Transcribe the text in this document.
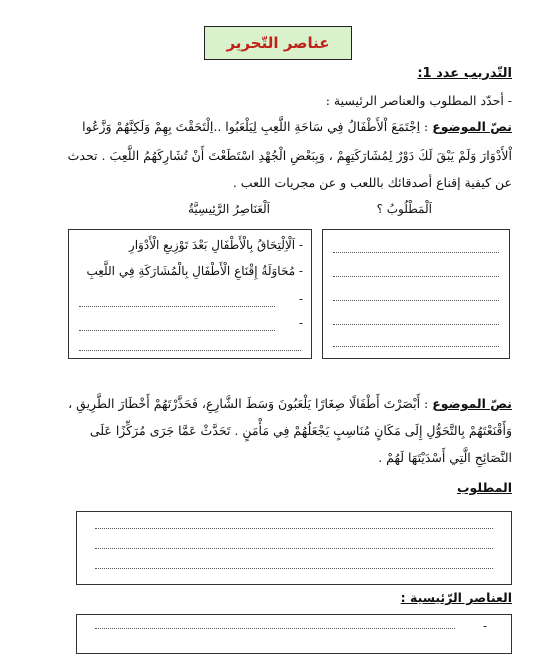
عناصر التّحرير
التّدريب عدد 1:
- أحدّد المطلوب والعناصر الرئيسية :
نصّ الموضوع : اِجْتَمَعَ اْلأَطْفَالُ فِي سَاحَةِ اللَّعِبِ لِيَلْعَبُوا ..اِلْتَحَقْتَ بِهِمْ وَلَكِنَّهُمْ وَزَّعُوا
اْلأَدْوَارَ وَلَمْ يَبْقَ لَكَ دَوْرٌ لِمُشَارَكَتِهِمْ ، وَبِبَعْضِ الْجُهْدِ اسْتَطَعْتَ أَنْ تُشَارِكَهُمُ اللَّعِبَ . تحدث
عن كيفية إقناع أصدقائك باللعب و عن مجريات اللعب .
اَلْعَنَاصِرُ الرَّئِيسِيَّةُ	اَلْمَطْلُوبُ ؟
- اَلْاِلْتِحَاقُ بِالْأَطْفَالِ بَعْدَ تَوْزِيعِ الْأَدْوَارِ
- مُحَاوَلَةُ إِقْنَاعِ الْأَطْفَالِ بِالْمُشَارَكَةِ فِي اللَّعِبِ
-
-
نصّ الموضوع : أَبْصَرْتَ أَطْفَالًا صِغَارًا يَلْعَبُونَ وَسَطَ الشَّارِعِ، فَحَذَّرْتَهُمْ أَخْطَارَ الطَّرِيقِ ،
وَأَقْنَعْتَهُمْ بِالتَّحَوُّلِ إِلَى مَكَانٍ مُنَاسِبٍ يَجْعَلُهُمْ فِي مَأْمَنٍ . تَحَدَّثْ عَمَّا جَرَى مُرَكِّزًا عَلَى
النَّصَائِحِ الَّتِي أَسْدَيْتَهَا لَهُمْ .
المطلوب
العناصر الرّئيسية :
-
